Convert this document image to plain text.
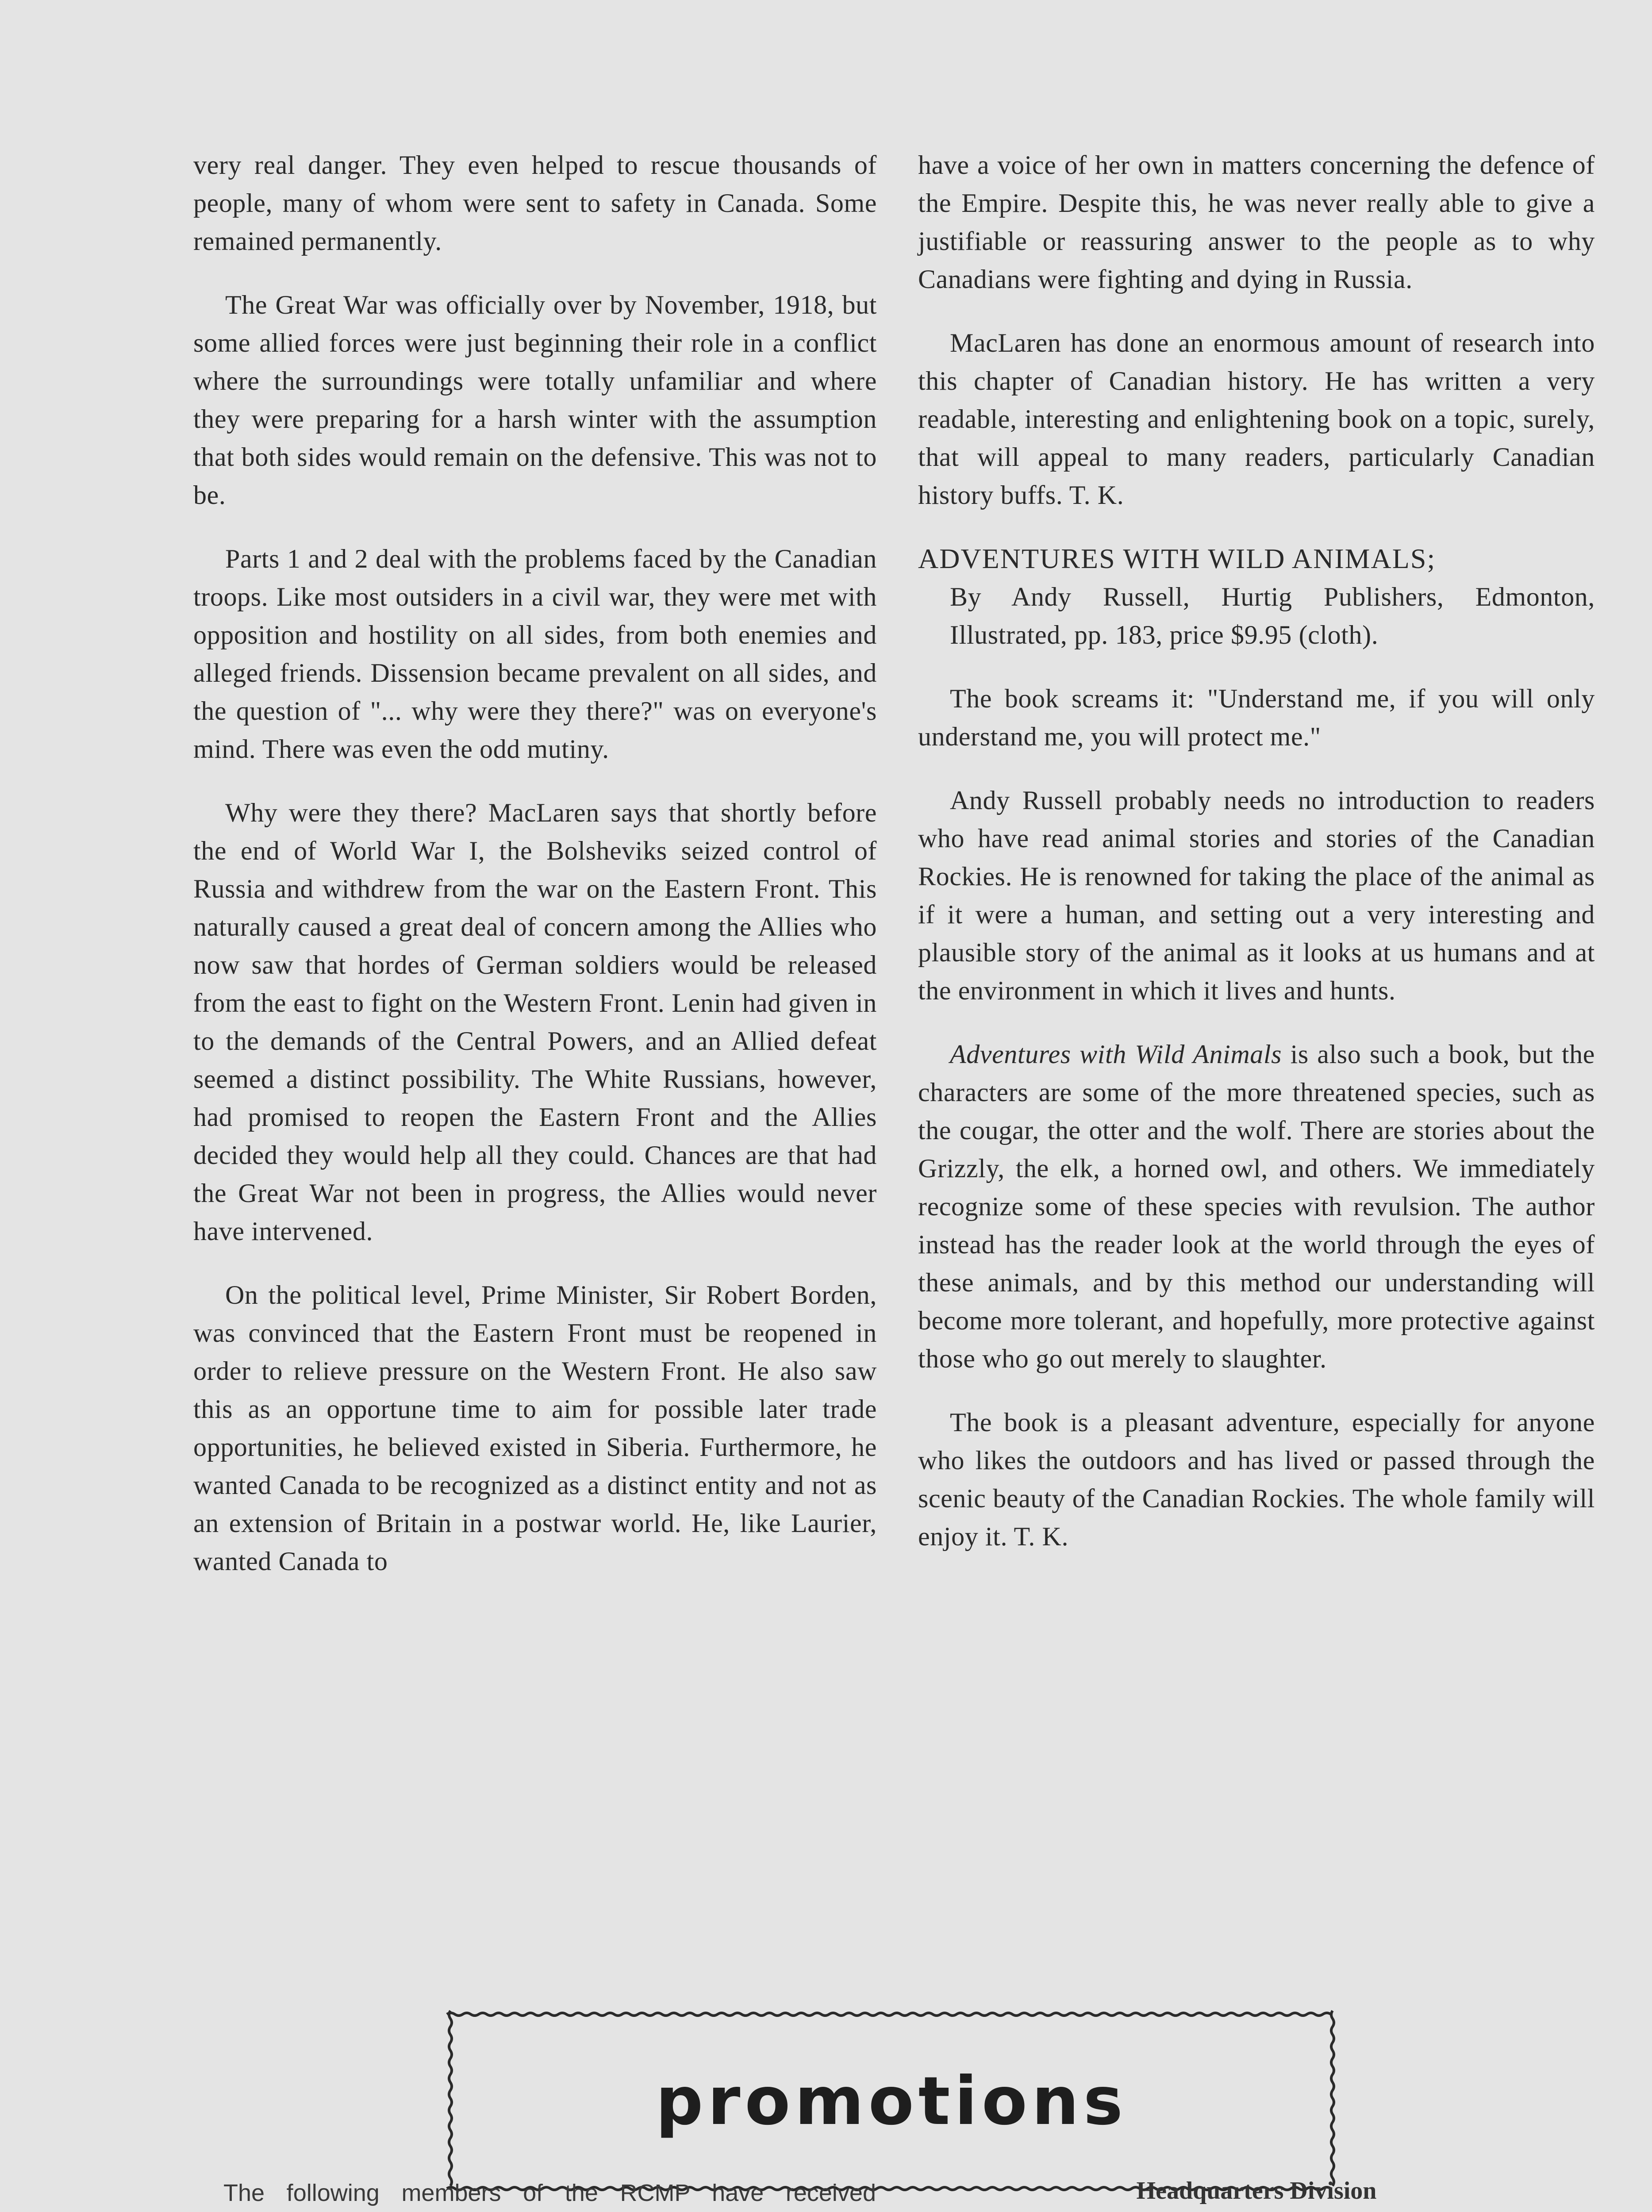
very real danger. They even helped to rescue thousands of people, many of whom were sent to safety in Canada. Some remained permanently.

The Great War was officially over by November, 1918, but some allied forces were just beginning their role in a conflict where the surroundings were totally unfamiliar and where they were preparing for a harsh winter with the assumption that both sides would remain on the defensive. This was not to be.

Parts 1 and 2 deal with the problems faced by the Canadian troops. Like most outsiders in a civil war, they were met with opposition and hostility on all sides, from both enemies and alleged friends. Dissension became prevalent on all sides, and the question of "... why were they there?" was on everyone's mind. There was even the odd mutiny.

Why were they there? MacLaren says that shortly before the end of World War I, the Bolsheviks seized control of Russia and withdrew from the war on the Eastern Front. This naturally caused a great deal of concern among the Allies who now saw that hordes of German soldiers would be released from the east to fight on the Western Front. Lenin had given in to the demands of the Central Powers, and an Allied defeat seemed a distinct possibility. The White Russians, however, had promised to reopen the Eastern Front and the Allies decided they would help all they could. Chances are that had the Great War not been in progress, the Allies would never have intervened.

On the political level, Prime Minister, Sir Robert Borden, was convinced that the Eastern Front must be reopened in order to relieve pressure on the Western Front. He also saw this as an opportune time to aim for possible later trade opportunities, he believed existed in Siberia. Furthermore, he wanted Canada to be recognized as a distinct entity and not as an extension of Britain in a postwar world. He, like Laurier, wanted Canada to

have a voice of her own in matters concerning the defence of the Empire. Despite this, he was never really able to give a justifiable or reassuring answer to the people as to why Canadians were fighting and dying in Russia.

MacLaren has done an enormous amount of research into this chapter of Canadian history. He has written a very readable, interesting and enlightening book on a topic, surely, that will appeal to many readers, particularly Canadian history buffs. T. K.

ADVENTURES WITH WILD ANIMALS;
By Andy Russell, Hurtig Publishers, Edmonton, Illustrated, pp. 183, price $9.95 (cloth).

The book screams it: "Understand me, if you will only understand me, you will protect me."

Andy Russell probably needs no introduction to readers who have read animal stories and stories of the Canadian Rockies. He is renowned for taking the place of the animal as if it were a human, and setting out a very interesting and plausible story of the animal as it looks at us humans and at the environment in which it lives and hunts.

Adventures with Wild Animals is also such a book, but the characters are some of the more threatened species, such as the cougar, the otter and the wolf. There are stories about the Grizzly, the elk, a horned owl, and others. We immediately recognize some of these species with revulsion. The author instead has the reader look at the world through the eyes of these animals, and by this method our understanding will become more tolerant, and hopefully, more protective against those who go out merely to slaughter.

The book is a pleasant adventure, especially for anyone who likes the outdoors and has lived or passed through the scenic beauty of the Canadian Rockies. The whole family will enjoy it. T. K.

promotions
The following members of the RCMP have received	Headquarters Division
